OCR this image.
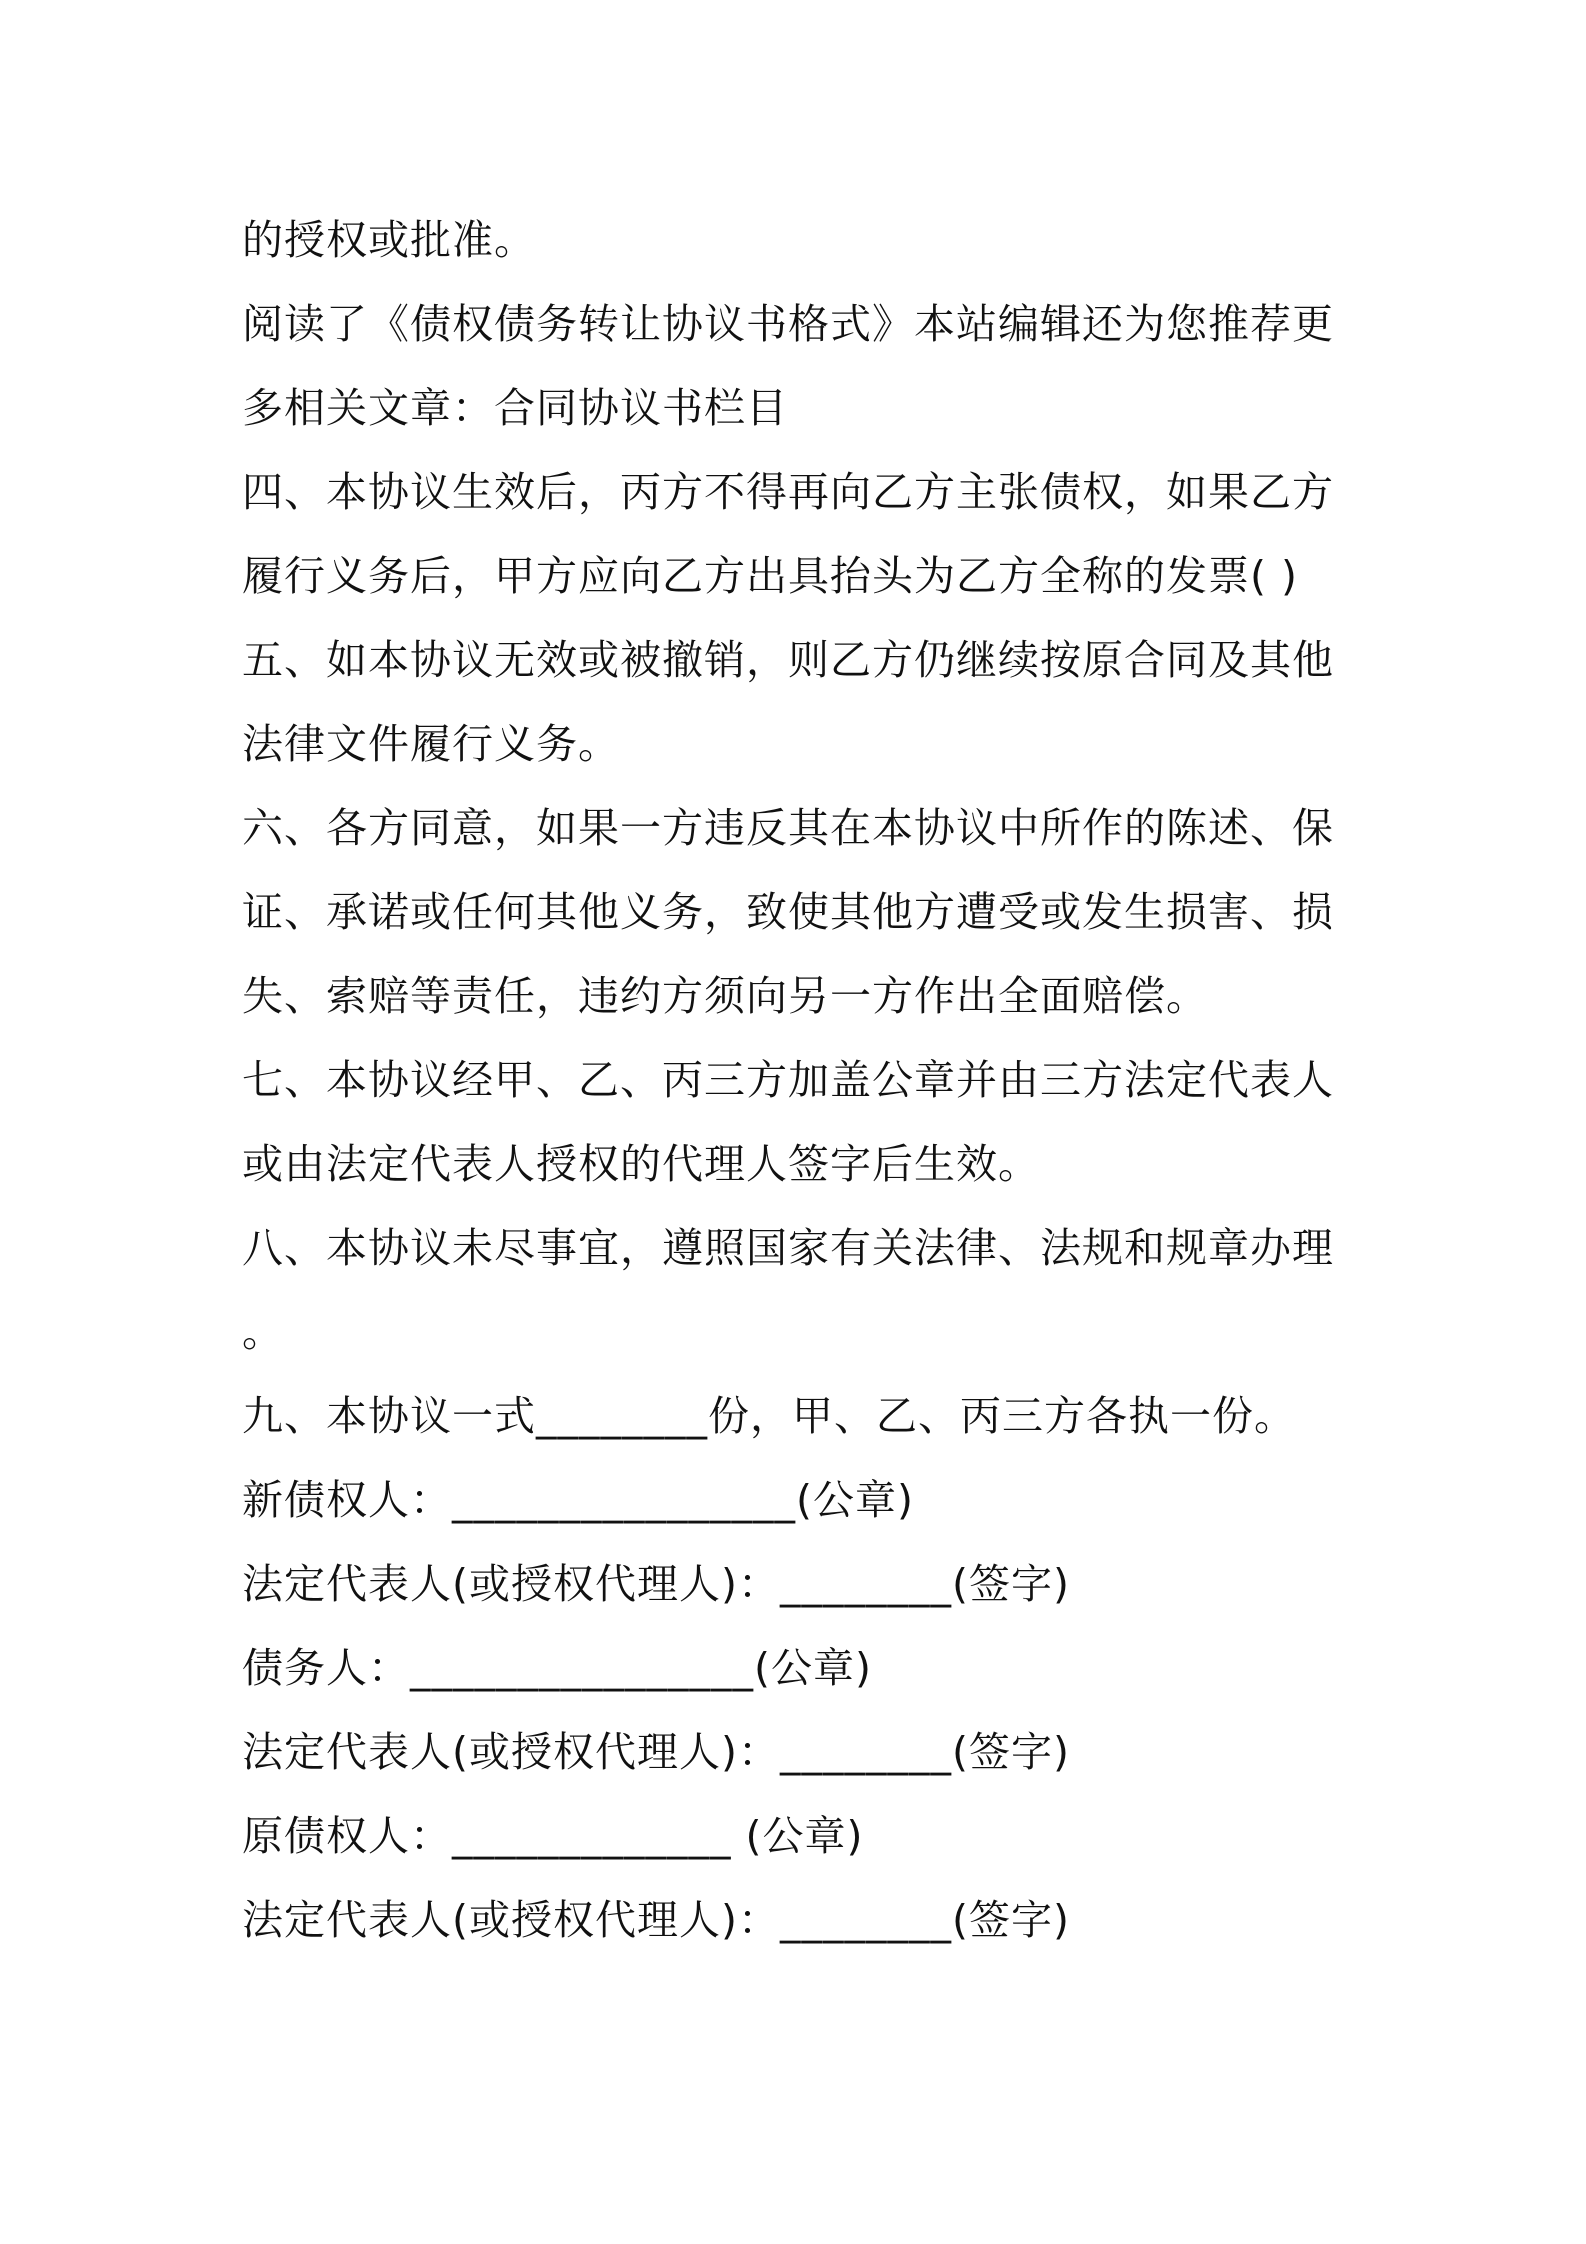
的授权或批准。
阅读了《债权债务转让协议书格式》本站编辑还为您推荐更
多相关文章：合同协议书栏目
四、本协议生效后，丙方不得再向乙方主张债权，如果乙方
履行义务后，甲方应向乙方出具抬头为乙方全称的发票( )
五、如本协议无效或被撤销，则乙方仍继续按原合同及其他
法律文件履行义务。
六、各方同意，如果一方违反其在本协议中所作的陈述、保
证、承诺或任何其他义务，致使其他方遭受或发生损害、损
失、索赔等责任，违约方须向另一方作出全面赔偿。
七、本协议经甲、乙、丙三方加盖公章并由三方法定代表人
或由法定代表人授权的代理人签字后生效。
八、本协议未尽事宜，遵照国家有关法律、法规和规章办理
。
九、本协议一式________份，甲、乙、丙三方各执一份。
新债权人：________________(公章)
法定代表人(或授权代理人)：________(签字)
债务人：________________(公章)
法定代表人(或授权代理人)：________(签字)
原债权人：_____________ (公章)
法定代表人(或授权代理人)：________(签字)
